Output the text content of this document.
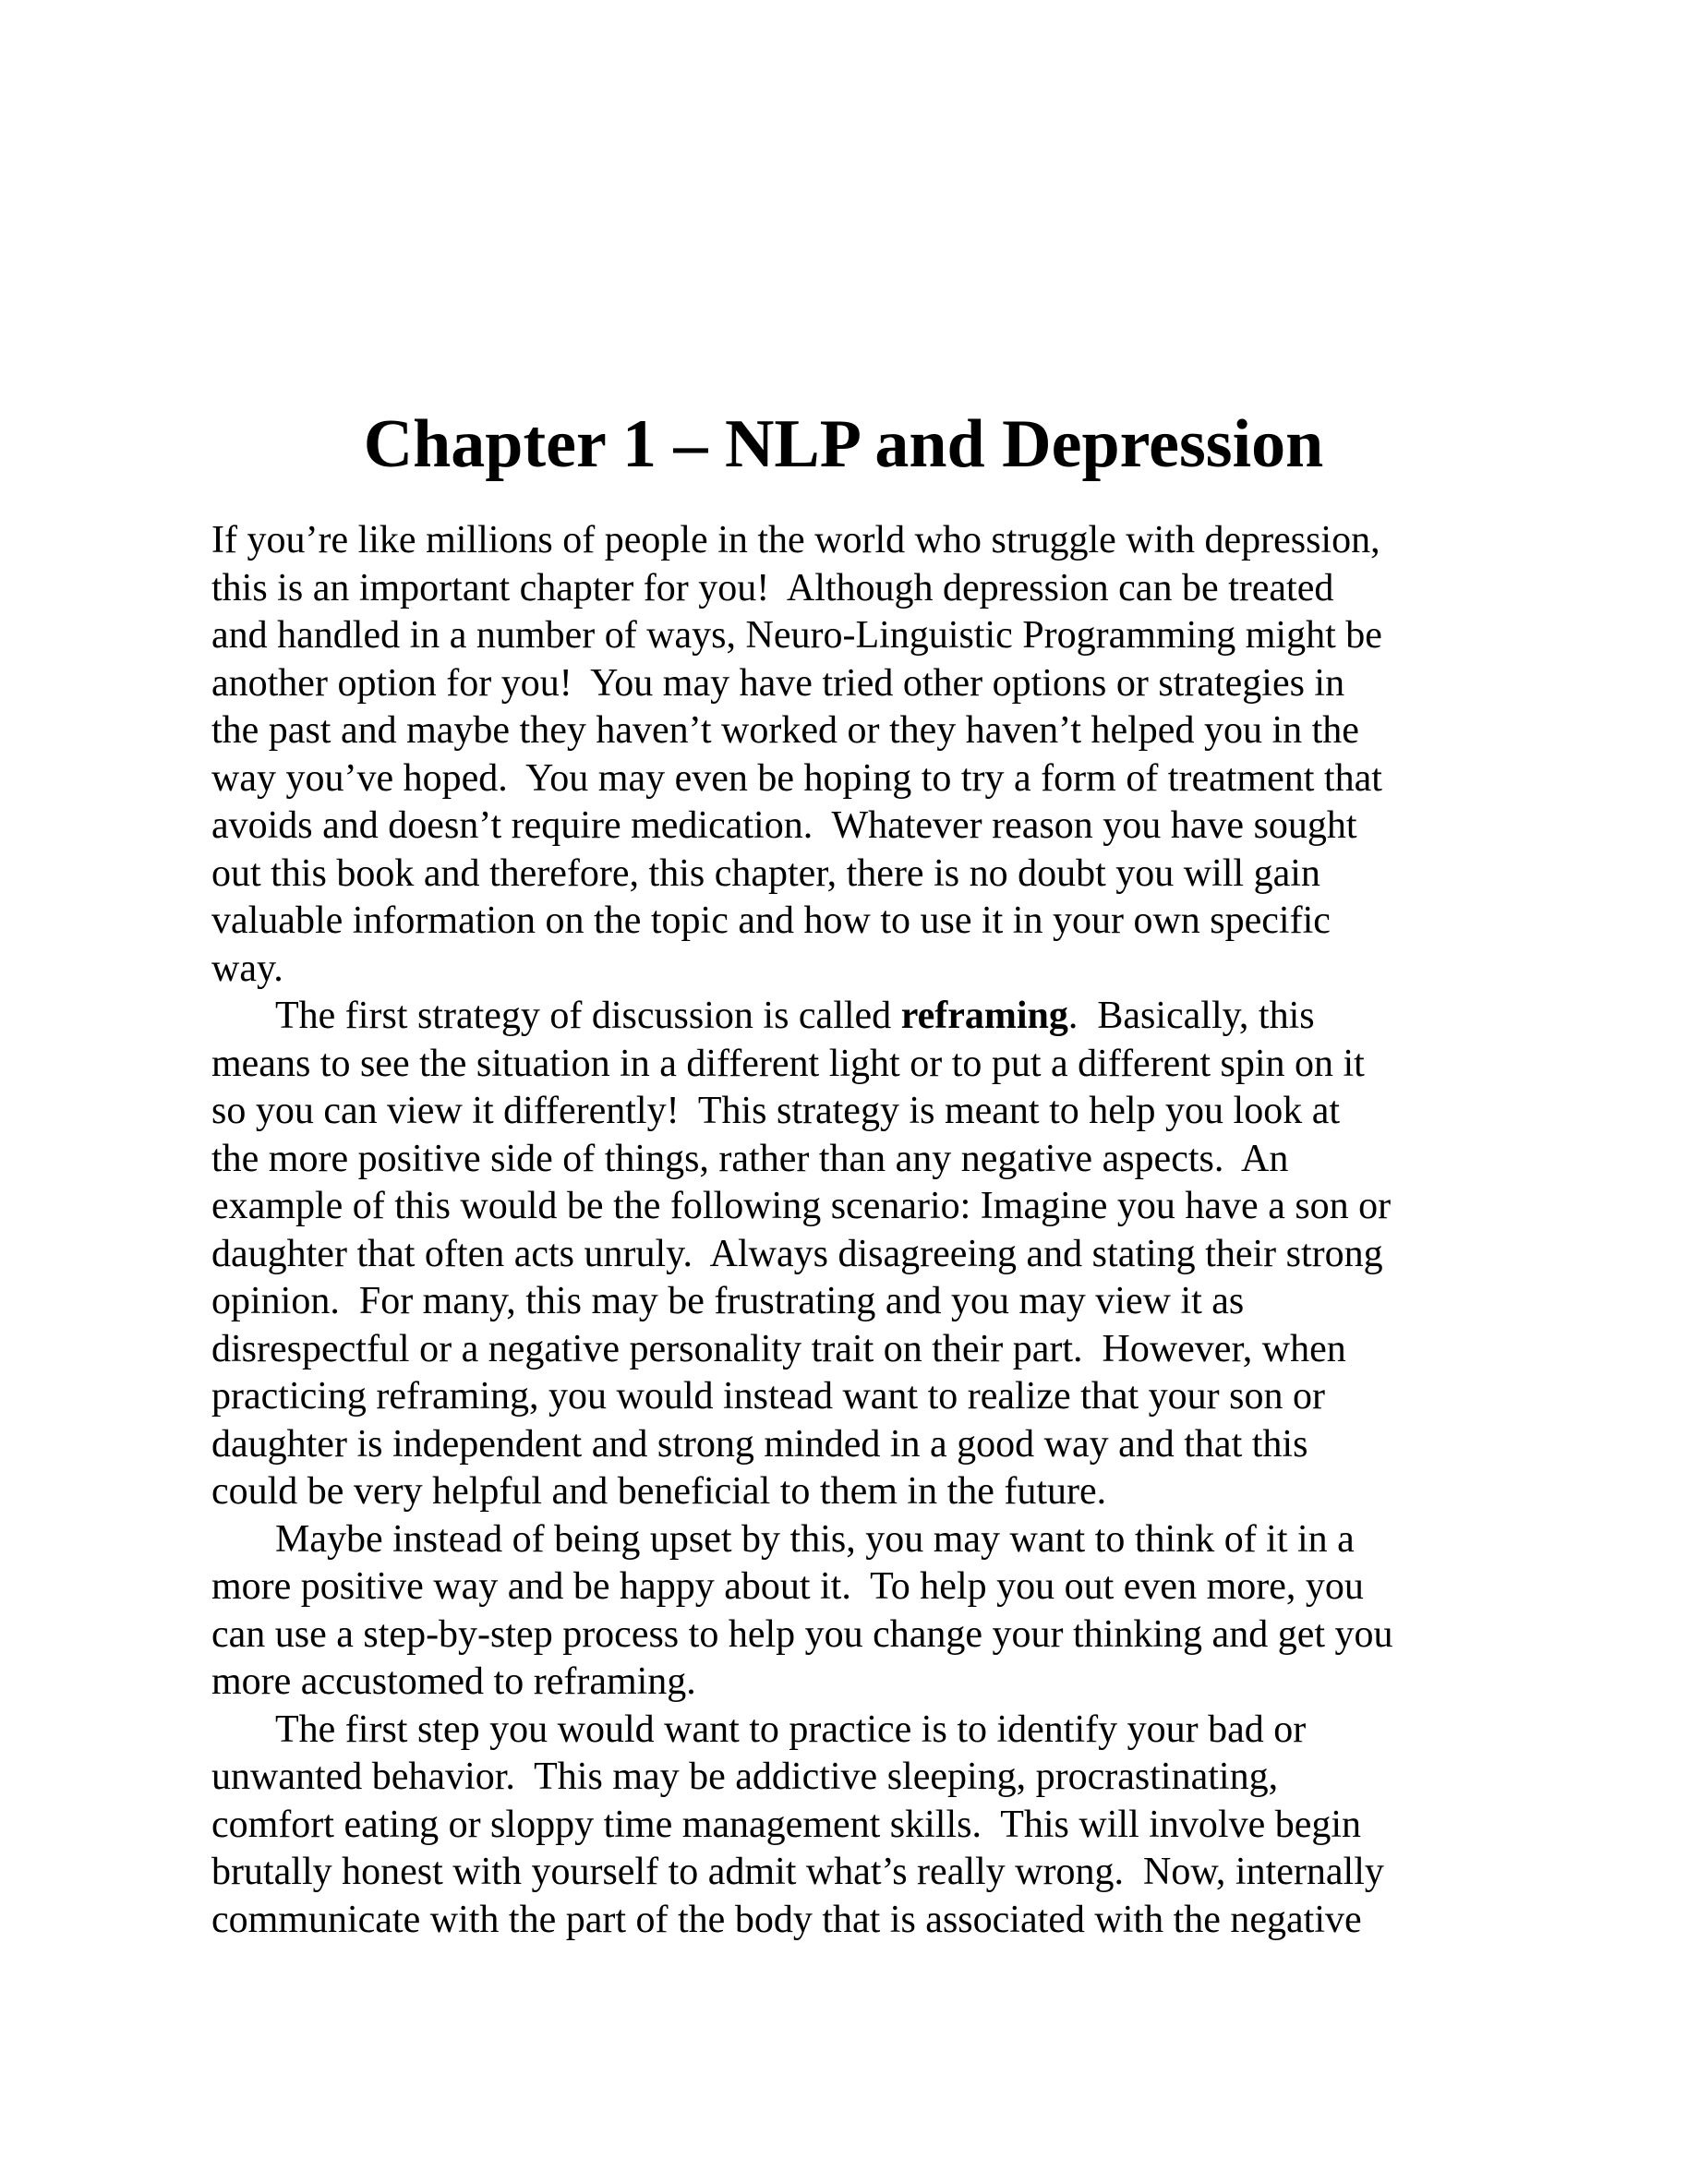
Chapter 1 – NLP and Depression
If you’re like millions of people in the world who struggle with depression,
this is an important chapter for you!  Although depression can be treated
and handled in a number of ways, Neuro-Linguistic Programming might be
another option for you!  You may have tried other options or strategies in
the past and maybe they haven’t worked or they haven’t helped you in the
way you’ve hoped.  You may even be hoping to try a form of treatment that
avoids and doesn’t require medication.  Whatever reason you have sought
out this book and therefore, this chapter, there is no doubt you will gain
valuable information on the topic and how to use it in your own specific
way.
The first strategy of discussion is called reframing.  Basically, this
means to see the situation in a different light or to put a different spin on it
so you can view it differently!  This strategy is meant to help you look at
the more positive side of things, rather than any negative aspects.  An
example of this would be the following scenario: Imagine you have a son or
daughter that often acts unruly.  Always disagreeing and stating their strong
opinion.  For many, this may be frustrating and you may view it as
disrespectful or a negative personality trait on their part.  However, when
practicing reframing, you would instead want to realize that your son or
daughter is independent and strong minded in a good way and that this
could be very helpful and beneficial to them in the future.
Maybe instead of being upset by this, you may want to think of it in a
more positive way and be happy about it.  To help you out even more, you
can use a step-by-step process to help you change your thinking and get you
more accustomed to reframing.
The first step you would want to practice is to identify your bad or
unwanted behavior.  This may be addictive sleeping, procrastinating,
comfort eating or sloppy time management skills.  This will involve begin
brutally honest with yourself to admit what’s really wrong.  Now, internally
communicate with the part of the body that is associated with the negative
